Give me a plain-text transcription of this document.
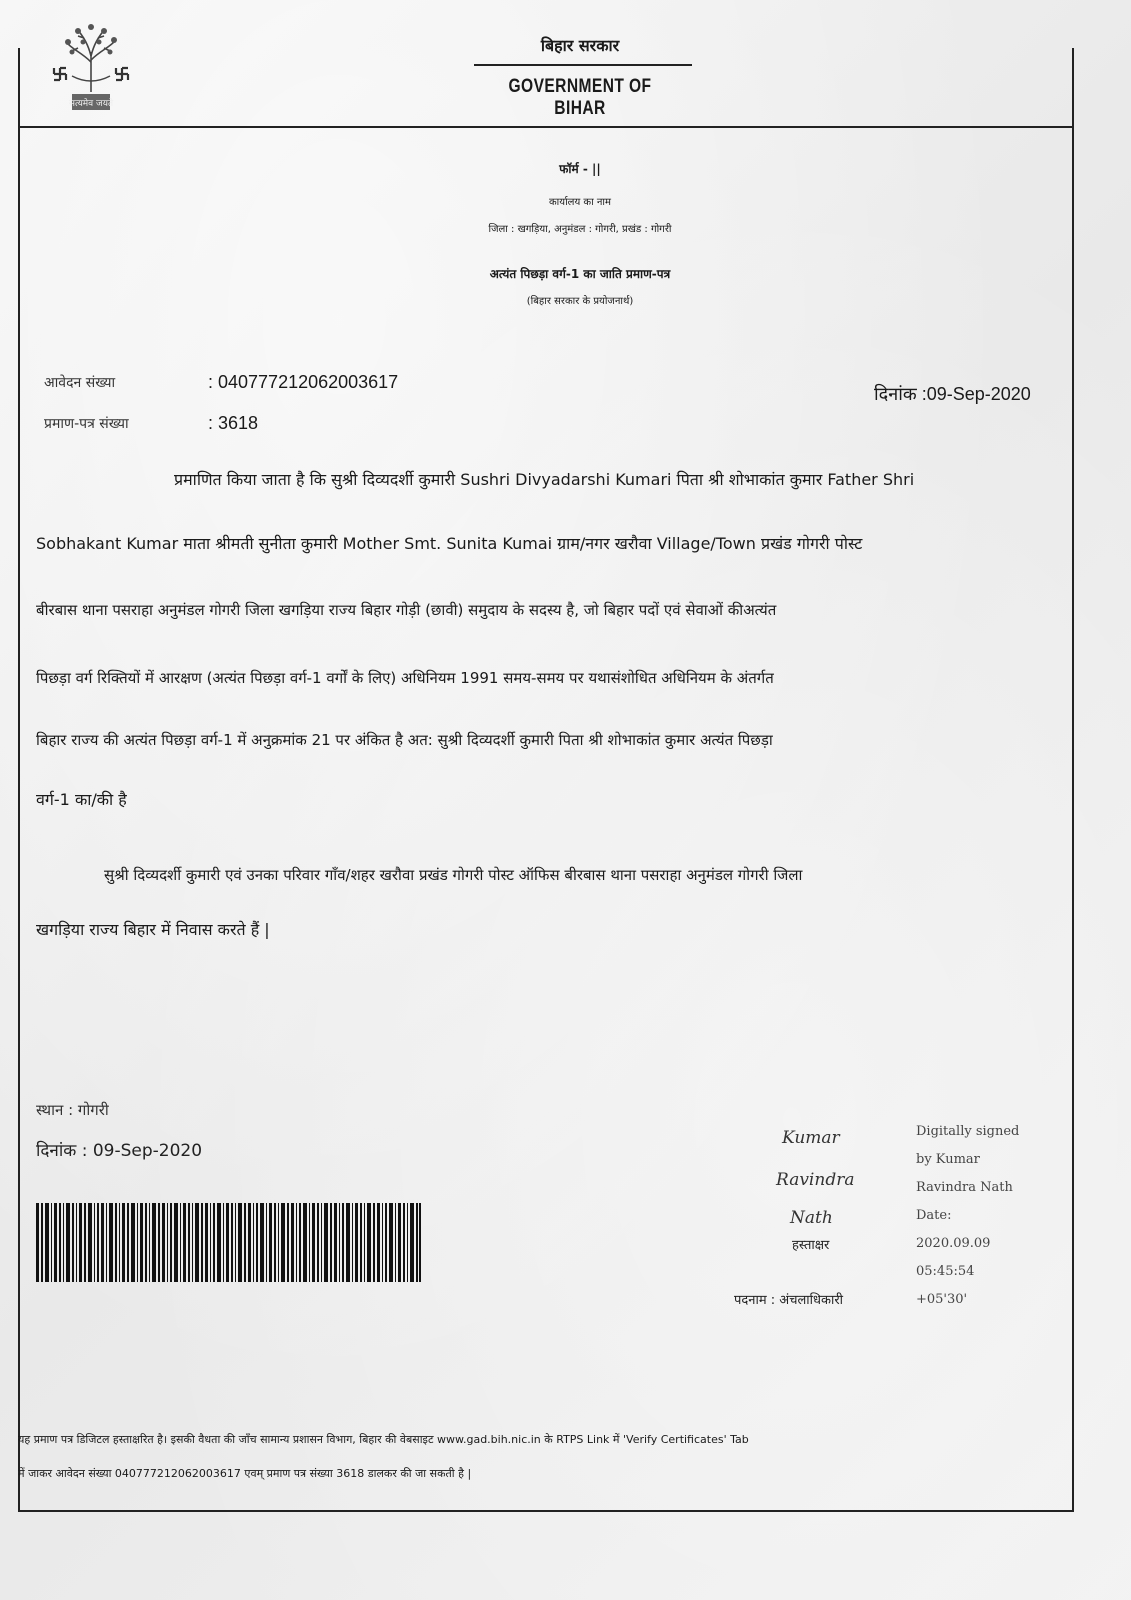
सत्यमेव जयते
बिहार सरकार
GOVERNMENT OF BIHAR
फॉर्म - ||
कार्यालय का नाम
जिला : खगड़िया, अनुमंडल : गोगरी, प्रखंड : गोगरी
अत्यंत पिछड़ा वर्ग-1 का जाति प्रमाण-पत्र
(बिहार सरकार के प्रयोजनार्थ)
आवेदन संख्या	: 040777212062003617
प्रमाण-पत्र संख्या	: 3618
दिनांक :09-Sep-2020
प्रमाणित किया जाता है कि सुश्री दिव्यदर्शी कुमारी Sushri Divyadarshi Kumari पिता श्री शोभाकांत कुमार Father Shri
Sobhakant Kumar माता श्रीमती सुनीता कुमारी Mother Smt. Sunita Kumai ग्राम/नगर खरौवा Village/Town प्रखंड गोगरी पोस्ट
बीरबास थाना पसराहा अनुमंडल गोगरी जिला खगड़िया राज्य बिहार गोड़ी (छावी) समुदाय के सदस्य है, जो बिहार पदों एवं सेवाओं कीअत्यंत
पिछड़ा वर्ग रिक्तियों में आरक्षण (अत्यंत पिछड़ा वर्ग-1 वर्गों के लिए) अधिनियम 1991 समय-समय पर यथासंशोधित अधिनियम के अंतर्गत
बिहार राज्य की अत्यंत पिछड़ा वर्ग-1 में अनुक्रमांक 21 पर अंकित है अत: सुश्री दिव्यदर्शी कुमारी पिता श्री शोभाकांत कुमार अत्यंत पिछड़ा
वर्ग-1 का/की है
सुश्री दिव्यदर्शी कुमारी एवं उनका परिवार गाँव/शहर खरौवा प्रखंड गोगरी पोस्ट ऑफिस बीरबास थाना पसराहा अनुमंडल गोगरी जिला
खगड़िया राज्य बिहार में निवास करते हैं |
स्थान : गोगरी
दिनांक : 09-Sep-2020
Kumar
Ravindra
Nath
हस्ताक्षर
पदनाम : अंचलाधिकारी
Digitally signed
by Kumar
Ravindra Nath
Date:
2020.09.09
05:45:54
+05'30'
यह प्रमाण पत्र डिजिटल हस्ताक्षरित है। इसकी वैधता की जाँच सामान्य प्रशासन विभाग, बिहार की वेबसाइट www.gad.bih.nic.in के RTPS Link में 'Verify Certificates' Tab
में जाकर आवेदन संख्या 040777212062003617 एवम् प्रमाण पत्र संख्या 3618 डालकर की जा सकती है |
